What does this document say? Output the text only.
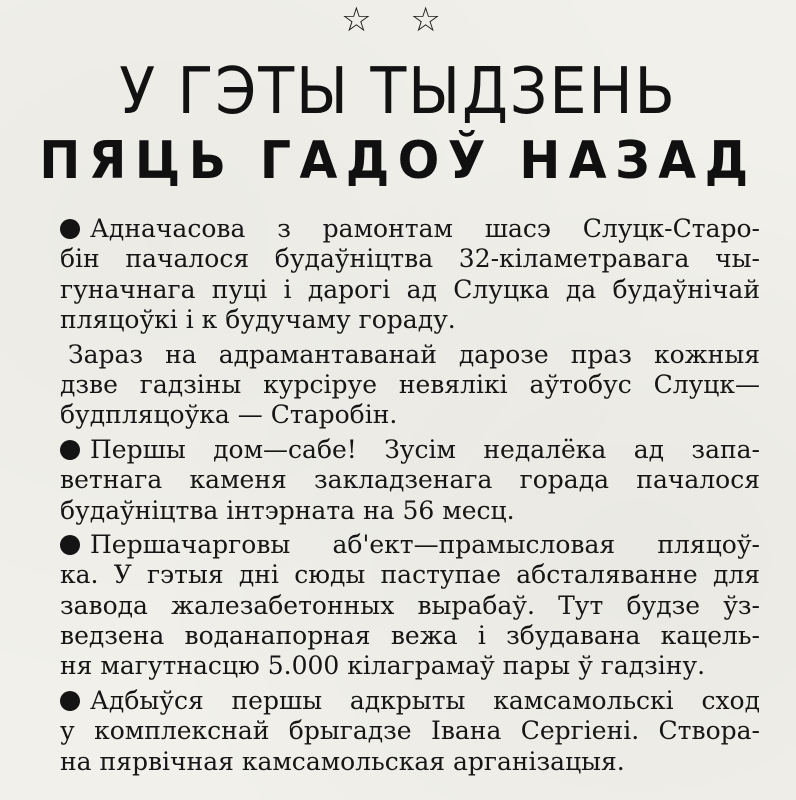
☆ ☆
У ГЭТЫ ТЫДЗЕНЬ
ПЯЦЬ ГАДОЎ НАЗАД
Адначасова з рамонтам шасэ Слуцк-Старо-
бін пачалося будаўніцтва 32-кіламетравага чы-
гуначнага пуці і дарогі ад Слуцка да будаўнічай
пляцоўкі і к будучаму гораду.
Зараз на адрамантаванай дарозе праз кожныя
дзве гадзіны курсіруе невялікі аўтобус Слуцк—
будпляцоўка — Старобін.
Першы дом—сабе! Зусім недалёка ад запа-
ветнага каменя закладзенага горада пачалося
будаўніцтва інтэрната на 56 месц.
Першачарговы аб'ект—прамысловая пляцоў-
ка. У гэтыя дні сюды паступае абсталяванне для
завода жалезабетонных вырабаў. Тут будзе ўз-
ведзена воданапорная вежа і збудавана кацель-
ня магутнасцю 5.000 кілаграмаў пары ў гадзіну.
Адбыўся першы адкрыты камсамольскі сход
у комплекснай брыгадзе Івана Сергіені. Створа-
на пярвічная камсамольская арганізацыя.
